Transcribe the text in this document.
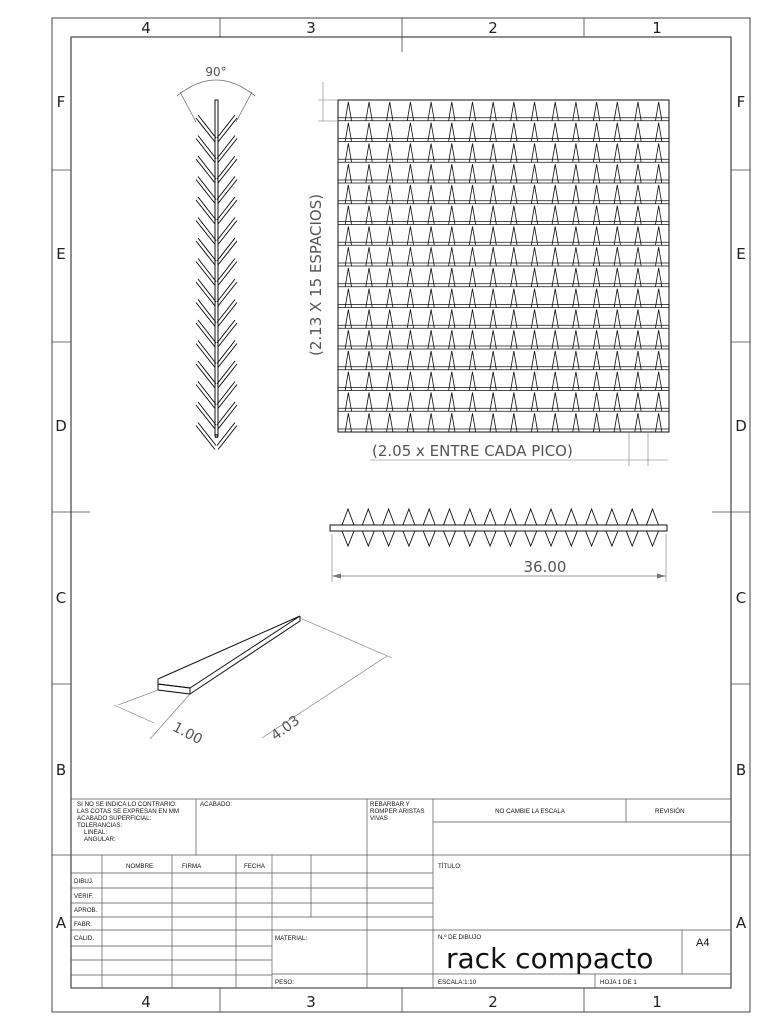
4	3	2	1
4	3	2	1
F
E
D
C
B
A
F
E
D
C
B
A
90°
(2.13 X 15 ESPACIOS)
(2.05 x ENTRE CADA PICO)
36.00
1.00	4.03
SI NO SE INDICA LO CONTRARIO:
LAS COTAS SE EXPRESAN EN MM
ACABADO SUPERFICIAL:
TOLERANCIAS:
LINEAL:
ANGULAR:
ACABADO:	REBARBAR Y
ROMPER ARISTAS
VIVAS
NO CAMBIE LA ESCALA	REVISIÓN
NOMBRE	FIRMA	FECHA
DIBUJ.
VERIF.
APROB.
FABR.
CALID.
TÍTULO:
MATERIAL:	N.º DE DIBUJO
rack compacto	A4
PESO:	ESCALA:1:10	HOJA 1 DE 1
